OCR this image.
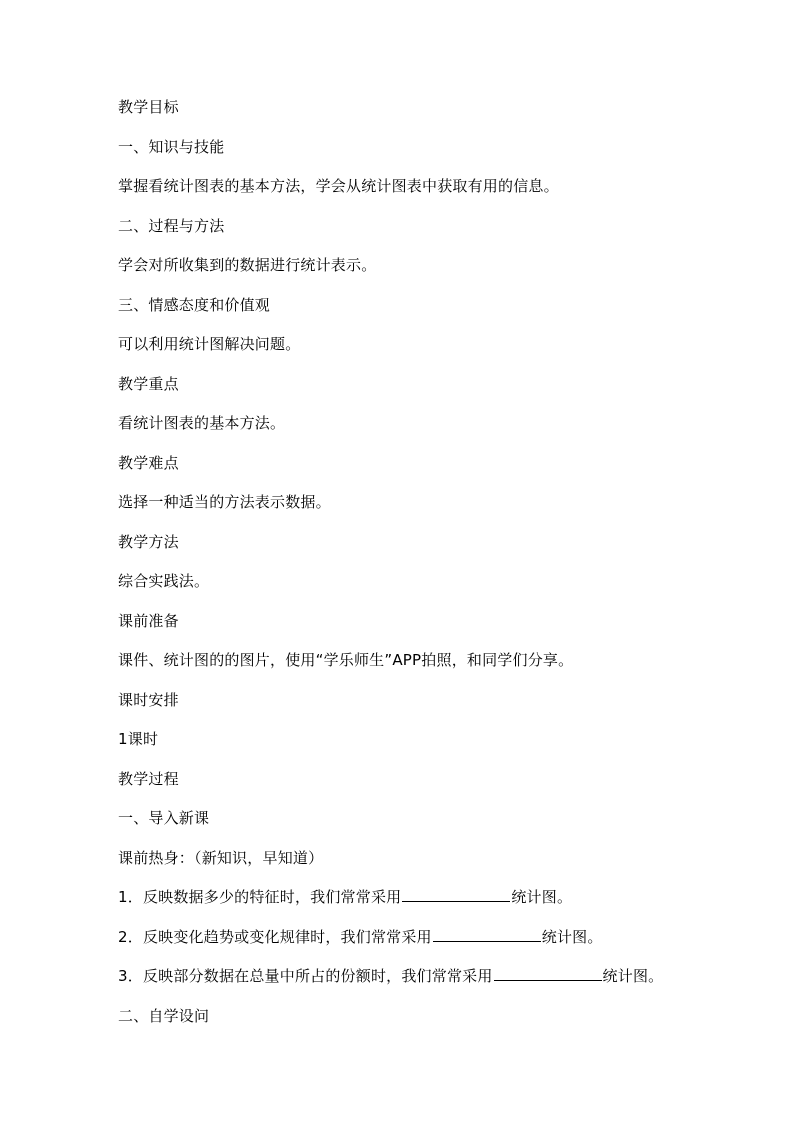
教学目标
一、知识与技能
掌握看统计图表的基本方法，学会从统计图表中获取有用的信息。
二、过程与方法
学会对所收集到的数据进行统计表示。
三、情感态度和价值观
可以利用统计图解决问题。
教学重点
看统计图表的基本方法。
教学难点
选择一种适当的方法表示数据。
教学方法
综合实践法。
课前准备
课件、统计图的的图片，使用“学乐师生”APP拍照，和同学们分享。
课时安排
1课时
教学过程
一、导入新课
课前热身：（新知识，早知道）
1．反映数据多少的特征时，我们常常采用	统计图。
2．反映变化趋势或变化规律时，我们常常采用	统计图。
3．反映部分数据在总量中所占的份额时，我们常常采用	统计图。
二、自学设问
